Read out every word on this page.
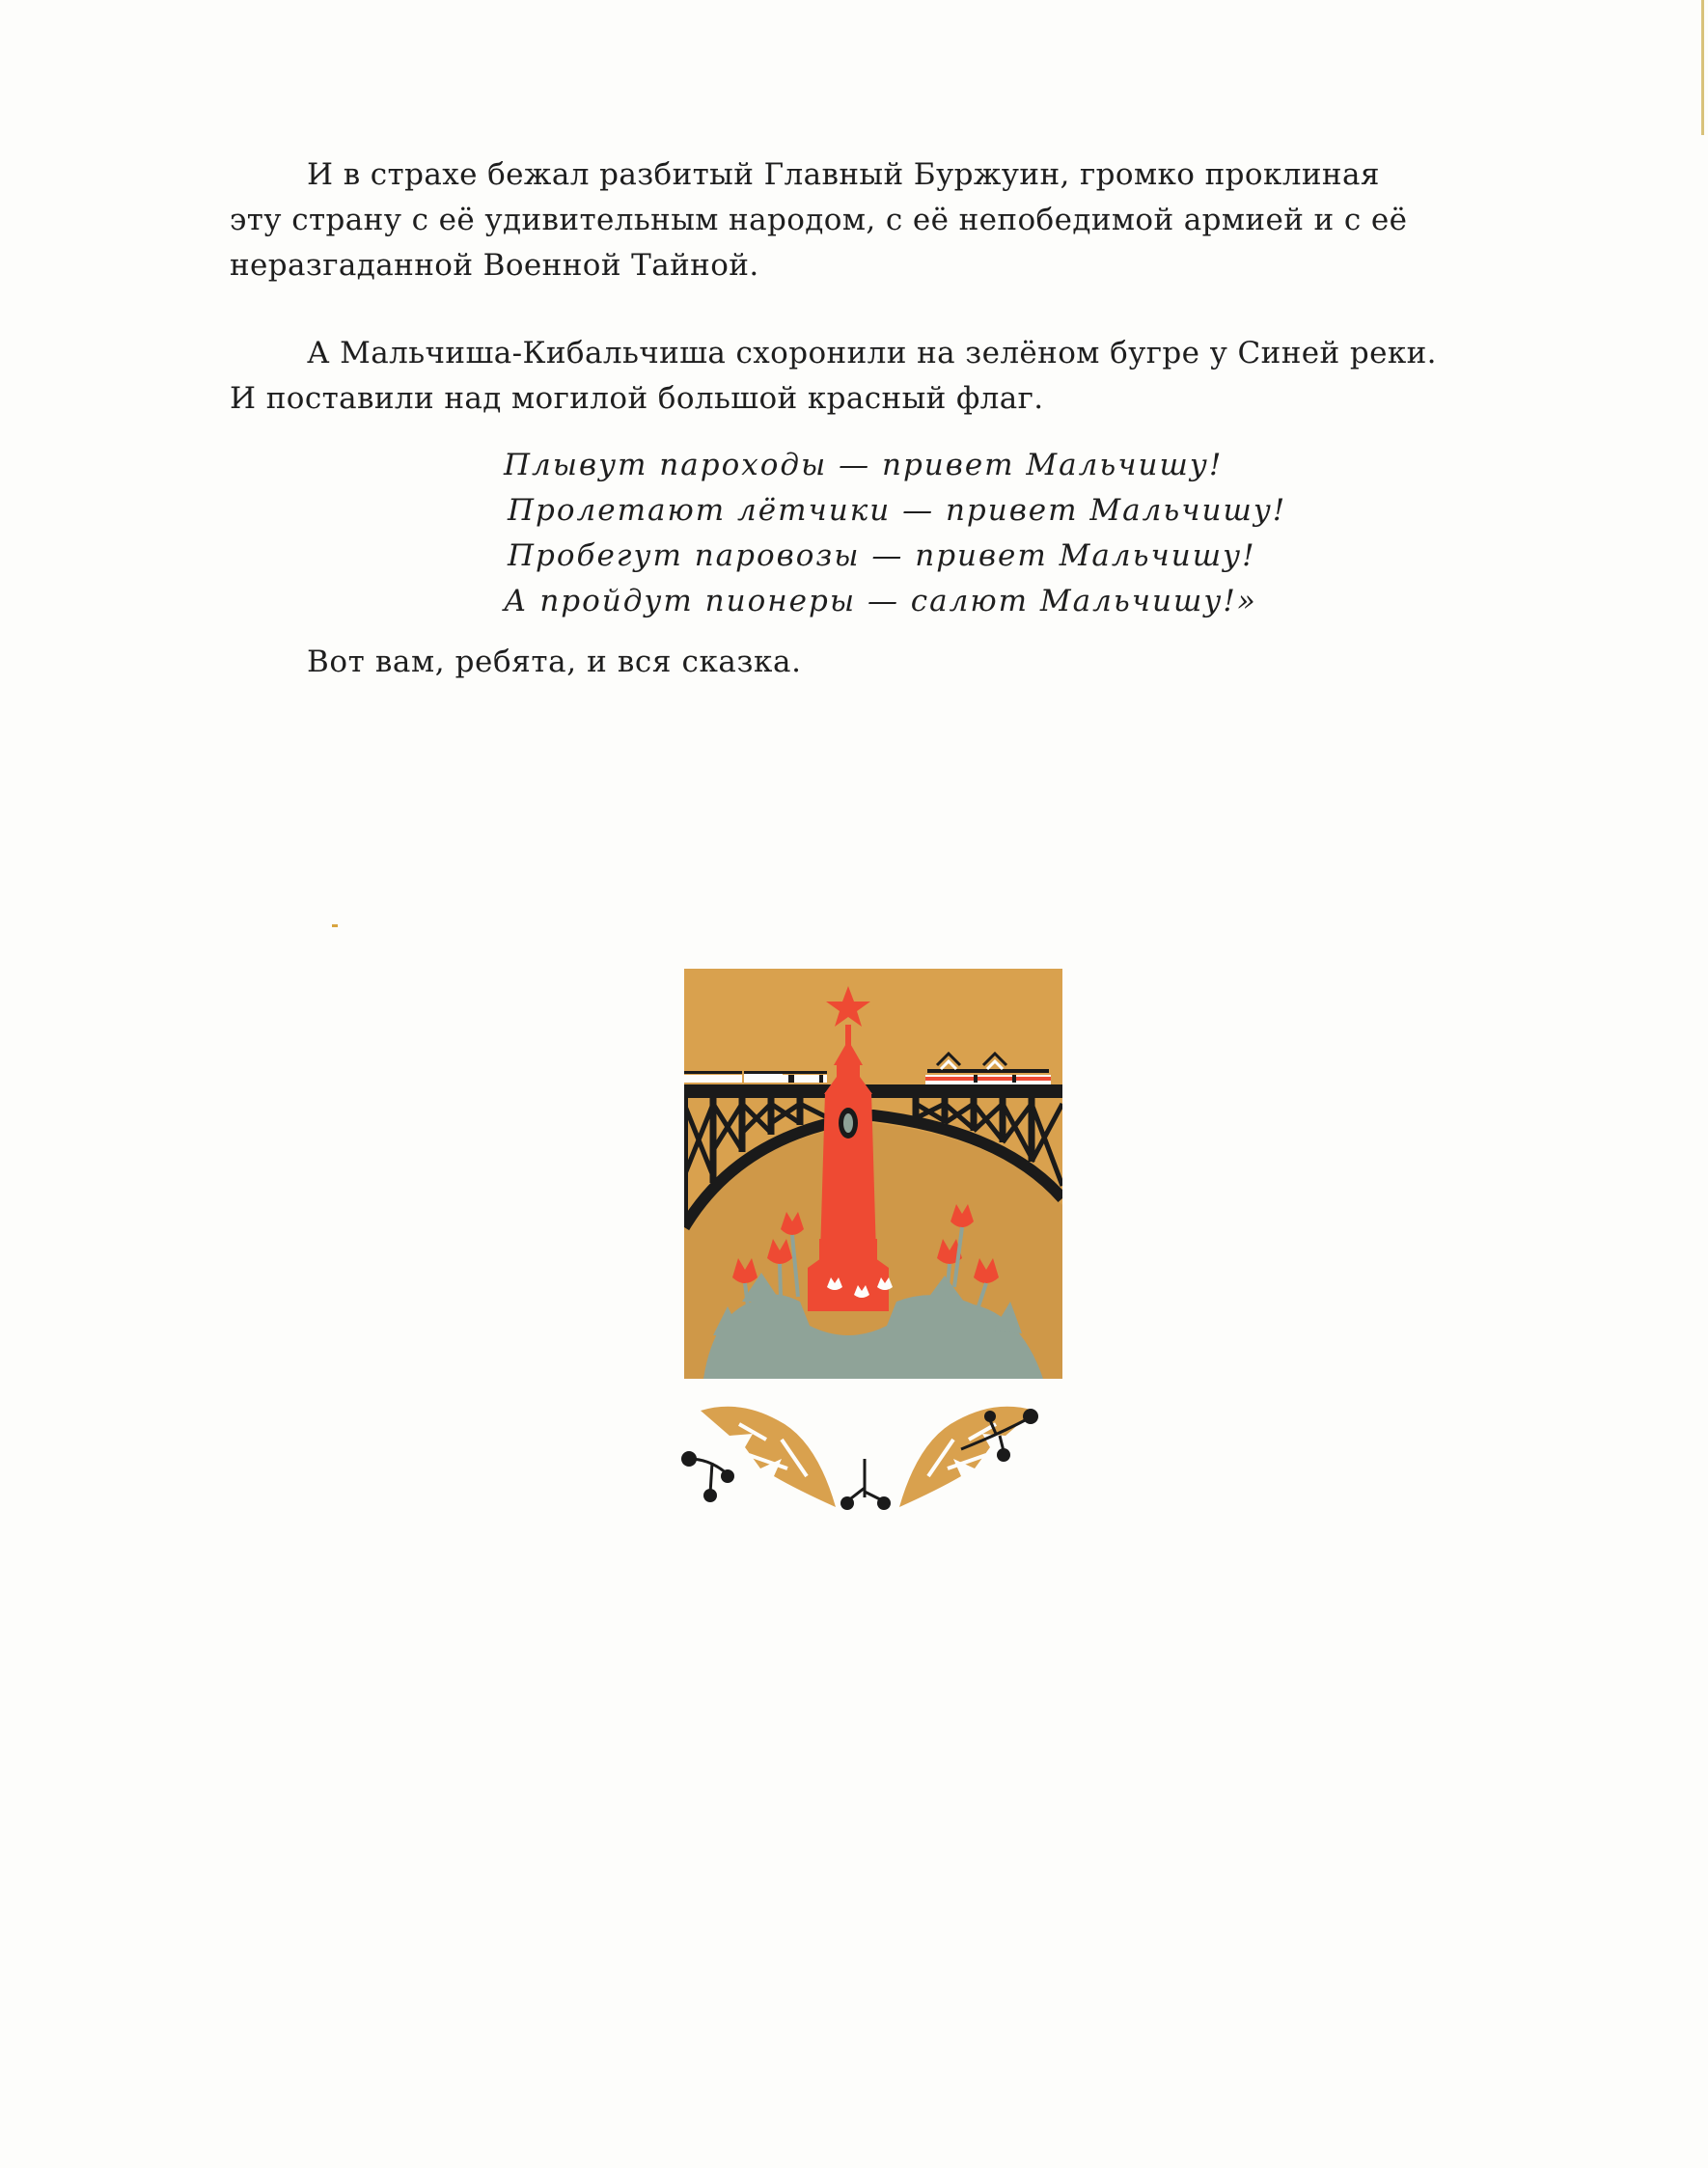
И в страхе бежал разбитый Главный Буржуин, громко проклиная
эту страну с её удивительным народом, с её непобедимой армией и с её
неразгаданной Военной Тайной.
А Мальчиша-Кибальчиша схоронили на зелёном бугре у Синей реки.
И поставили над могилой большой красный флаг.
Плывут пароходы — привет Мальчишу!
Пролетают лётчики — привет Мальчишу!
Пробегут паровозы — привет Мальчишу!
А пройдут пионеры — салют Мальчишу!»
Вот вам, ребята, и вся сказка.
